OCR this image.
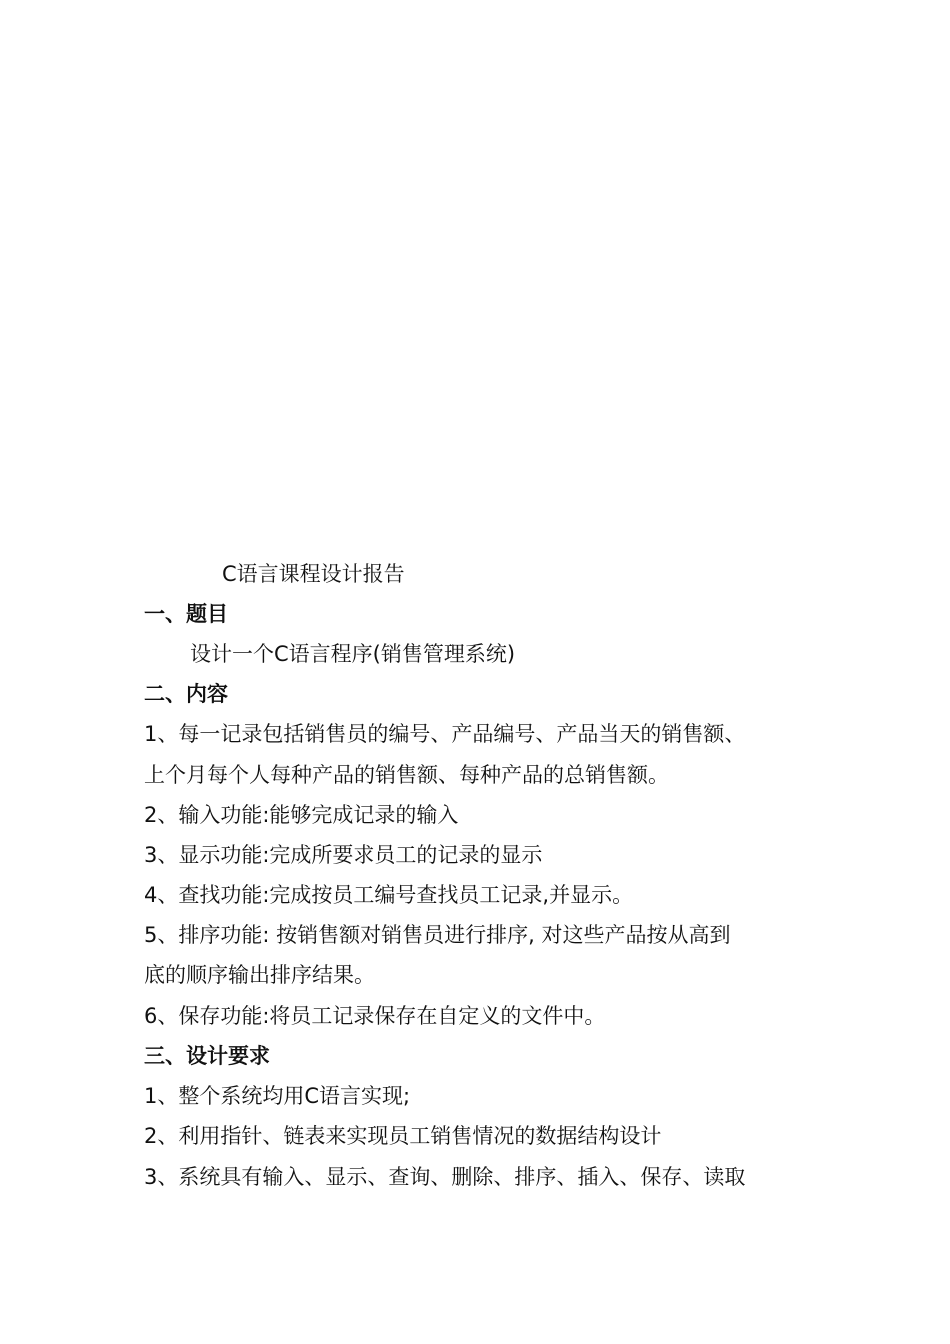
C语言课程设计报告
一、题目
设计一个C语言程序(销售管理系统)
二、内容
1、每一记录包括销售员的编号、产品编号、产品当天的销售额、
上个月每个人每种产品的销售额、每种产品的总销售额。
2、输入功能:能够完成记录的输入
3、显示功能:完成所要求员工的记录的显示
4、查找功能:完成按员工编号查找员工记录,并显示。
5、排序功能: 按销售额对销售员进行排序, 对这些产品按从高到
底的顺序输出排序结果。
6、保存功能:将员工记录保存在自定义的文件中。
三、设计要求
1、整个系统均用C语言实现;
2、利用指针、链表来实现员工销售情况的数据结构设计
3、系统具有输入、显示、查询、删除、排序、插入、保存、读取
